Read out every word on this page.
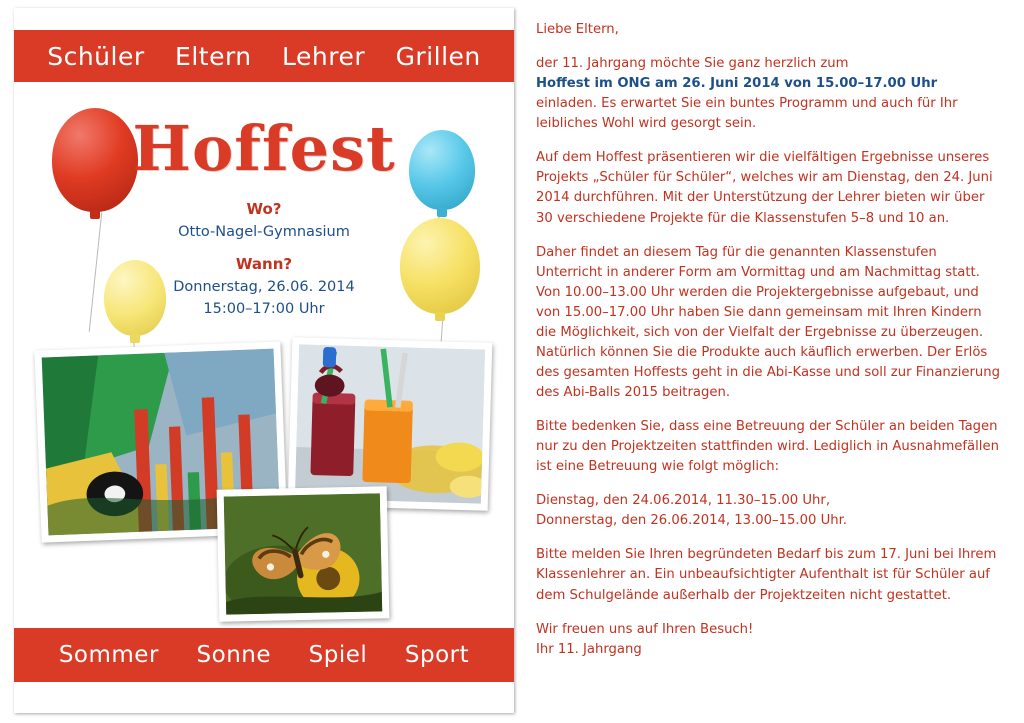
Schüler Eltern Lehrer Grillen
Hoffest
Wo?
Otto-Nagel-Gymnasium
Wann?
Donnerstag, 26.06. 2014
15:00–17:00 Uhr
Sommer Sonne Spiel Sport

Liebe Eltern,

der 11. Jahrgang möchte Sie ganz herzlich zum
Hoffest im ONG am 26. Juni 2014 von 15.00–17.00 Uhr
einladen. Es erwartet Sie ein buntes Programm und auch für Ihr leibliches Wohl wird gesorgt sein.

Auf dem Hoffest präsentieren wir die vielfältigen Ergebnisse unseres Projekts „Schüler für Schüler“, welches wir am Dienstag, den 24. Juni 2014 durchführen. Mit der Unterstützung der Lehrer bieten wir über 30 verschiedene Projekte für die Klassenstufen 5–8 und 10 an.

Daher findet an diesem Tag für die genannten Klassenstufen Unterricht in anderer Form am Vormittag und am Nachmittag statt. Von 10.00–13.00 Uhr werden die Projektergebnisse aufgebaut, und von 15.00–17.00 Uhr haben Sie dann gemeinsam mit Ihren Kindern die Möglichkeit, sich von der Vielfalt der Ergebnisse zu überzeugen. Natürlich können Sie die Produkte auch käuflich erwerben. Der Erlös des gesamten Hoffests geht in die Abi-Kasse und soll zur Finanzierung des Abi-Balls 2015 beitragen.

Bitte bedenken Sie, dass eine Betreuung der Schüler an beiden Tagen nur zu den Projektzeiten stattfinden wird. Lediglich in Ausnahmefällen ist eine Betreuung wie folgt möglich:

Dienstag, den 24.06.2014, 11.30–15.00 Uhr,
Donnerstag, den 26.06.2014, 13.00–15.00 Uhr.

Bitte melden Sie Ihren begründeten Bedarf bis zum 17. Juni bei Ihrem Klassenlehrer an. Ein unbeaufsichtigter Aufenthalt ist für Schüler auf dem Schulgelände außerhalb der Projektzeiten nicht gestattet.

Wir freuen uns auf Ihren Besuch!
Ihr 11. Jahrgang
